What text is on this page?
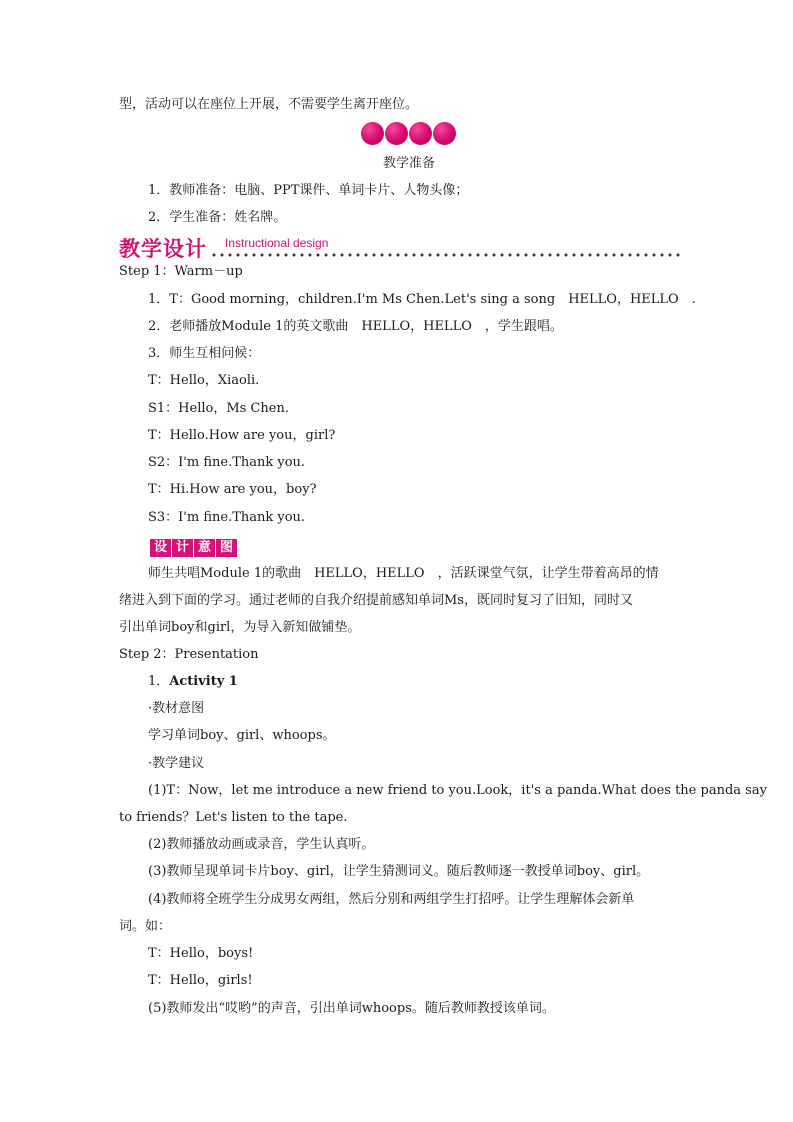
型，活动可以在座位上开展，不需要学生离开座位。
教学准备
1．教师准备：电脑、PPT课件、单词卡片、人物头像；
2．学生准备：姓名牌。
教学设计 Instructional design
Step 1：Warm－up
1．T：Good morning，children.I'm Ms Chen.Let's sing a song　HELLO，HELLO　.
2．老师播放Module 1的英文歌曲　HELLO，HELLO　，学生跟唱。
3．师生互相问候：
T：Hello，Xiaoli.
S1：Hello，Ms Chen.
T：Hello.How are you，girl?
S2：I'm fine.Thank you.
T：Hi.How are you，boy?
S3：I'm fine.Thank you.
设 计 意 图
师生共唱Module 1的歌曲　HELLO，HELLO　，活跃课堂气氛，让学生带着高昂的情
绪进入到下面的学习。通过老师的自我介绍提前感知单词Ms，既同时复习了旧知，同时又
引出单词boy和girl，为导入新知做铺垫。
Step 2：Presentation
1．Activity 1
·教材意图
学习单词boy、girl、whoops。
·教学建议
(1)T：Now，let me introduce a new friend to you.Look，it's a panda.What does the panda say
to friends？Let's listen to the tape.
(2)教师播放动画或录音，学生认真听。
(3)教师呈现单词卡片boy、girl，让学生猜测词义。随后教师逐一教授单词boy、girl。
(4)教师将全班学生分成男女两组，然后分别和两组学生打招呼。让学生理解体会新单
词。如：
T：Hello，boys!
T：Hello，girls!
(5)教师发出“哎哟”的声音，引出单词whoops。随后教师教授该单词。
